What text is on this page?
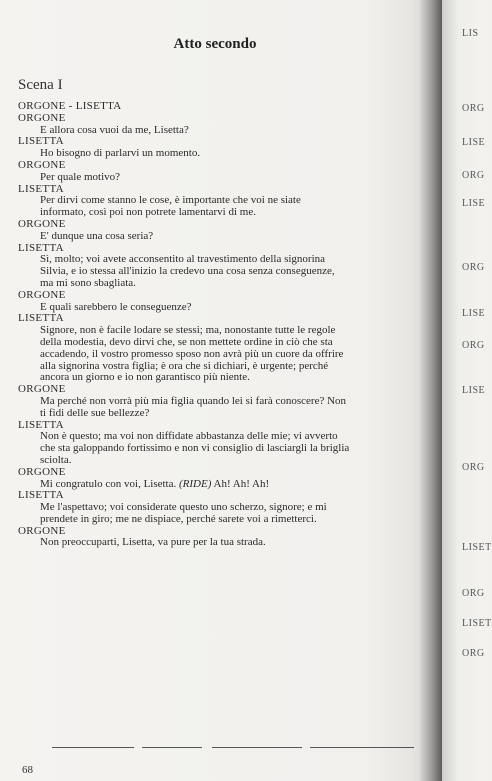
Atto secondo
Scena I
ORGONE - LISETTA
ORGONE
E allora cosa vuoi da me, Lisetta?
LISETTA
Ho bisogno di parlarvi un momento.
ORGONE
Per quale motivo?
LISETTA
Per dirvi come stanno le cose, è importante che voi ne siate
informato, così poi non potrete lamentarvi di me.
ORGONE
E' dunque una cosa seria?
LISETTA
Sì, molto; voi avete acconsentito al travestimento della signorina
Silvia, e io stessa all'inizio la credevo una cosa senza conseguenze,
ma mi sono sbagliata.
ORGONE
E quali sarebbero le conseguenze?
LISETTA
Signore, non è facile lodare se stessi; ma, nonostante tutte le regole
della modestia, devo dirvi che, se non mettete ordine in ciò che sta
accadendo, il vostro promesso sposo non avrà più un cuore da offrire
alla signorina vostra figlia; è ora che si dichiari, è urgente; perché
ancora un giorno e io non garantisco più niente.
ORGONE
Ma perché non vorrà più mia figlia quando lei si farà conoscere? Non
ti fidi delle sue bellezze?
LISETTA
Non è questo; ma voi non diffidate abbastanza delle mie; vi avverto
che sta galoppando fortissimo e non vi consiglio di lasciargli la briglia
sciolta.
ORGONE
Mi congratulo con voi, Lisetta. (RIDE) Ah! Ah! Ah!
LISETTA
Me l'aspettavo; voi considerate questo uno scherzo, signore; e mi
prendete in giro; me ne dispiace, perché sarete voi a rimetterci.
ORGONE
Non preoccuparti, Lisetta, va pure per la tua strada.
68
LIS
ORG
LISE
ORG
LISE
ORG
LISE
ORG
LISE
ORG
LISET
ORG
LISET
ORG
